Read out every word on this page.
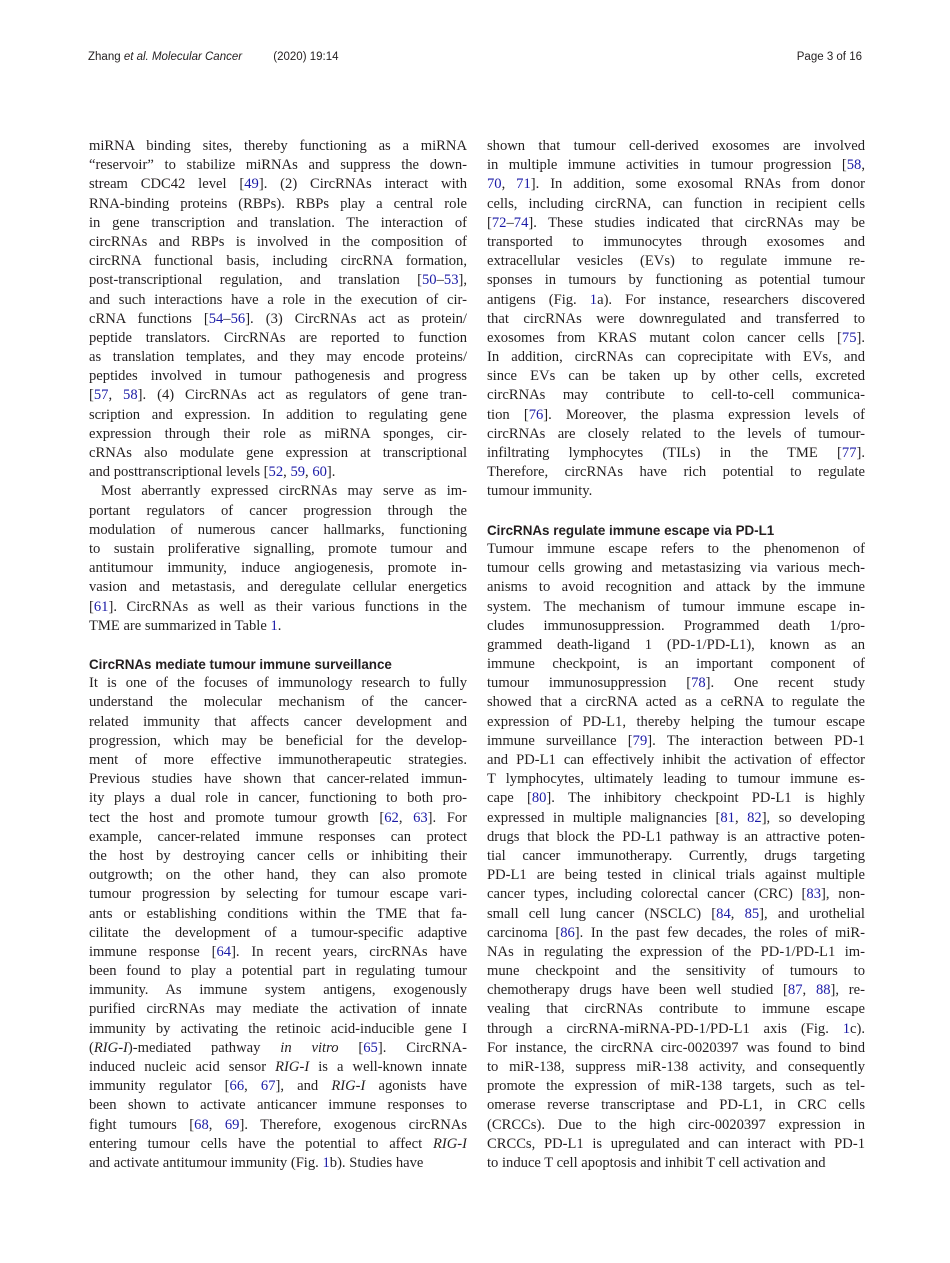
Zhang et al. Molecular Cancer	(2020) 19:14	Page 3 of 16
miRNA binding sites, thereby functioning as a miRNA
“reservoir” to stabilize miRNAs and suppress the down-
stream CDC42 level [49]. (2) CircRNAs interact with
RNA-binding proteins (RBPs). RBPs play a central role
in gene transcription and translation. The interaction of
circRNAs and RBPs is involved in the composition of
circRNA functional basis, including circRNA formation,
post-transcriptional regulation, and translation [50–53],
and such interactions have a role in the execution of cir-
cRNA functions [54–56]. (3) CircRNAs act as protein/
peptide translators. CircRNAs are reported to function
as translation templates, and they may encode proteins/
peptides involved in tumour pathogenesis and progress
[57, 58]. (4) CircRNAs act as regulators of gene tran-
scription and expression. In addition to regulating gene
expression through their role as miRNA sponges, cir-
cRNAs also modulate gene expression at transcriptional
and posttranscriptional levels [52, 59, 60].
Most aberrantly expressed circRNAs may serve as im-
portant regulators of cancer progression through the
modulation of numerous cancer hallmarks, functioning
to sustain proliferative signalling, promote tumour and
antitumour immunity, induce angiogenesis, promote in-
vasion and metastasis, and deregulate cellular energetics
[61]. CircRNAs as well as their various functions in the
TME are summarized in Table 1.
CircRNAs mediate tumour immune surveillance
It is one of the focuses of immunology research to fully
understand the molecular mechanism of the cancer-
related immunity that affects cancer development and
progression, which may be beneficial for the develop-
ment of more effective immunotherapeutic strategies.
Previous studies have shown that cancer-related immun-
ity plays a dual role in cancer, functioning to both pro-
tect the host and promote tumour growth [62, 63]. For
example, cancer-related immune responses can protect
the host by destroying cancer cells or inhibiting their
outgrowth; on the other hand, they can also promote
tumour progression by selecting for tumour escape vari-
ants or establishing conditions within the TME that fa-
cilitate the development of a tumour-specific adaptive
immune response [64]. In recent years, circRNAs have
been found to play a potential part in regulating tumour
immunity. As immune system antigens, exogenously
purified circRNAs may mediate the activation of innate
immunity by activating the retinoic acid-inducible gene I
(RIG-I)-mediated pathway in vitro [65]. CircRNA-
induced nucleic acid sensor RIG-I is a well-known innate
immunity regulator [66, 67], and RIG-I agonists have
been shown to activate anticancer immune responses to
fight tumours [68, 69]. Therefore, exogenous circRNAs
entering tumour cells have the potential to affect RIG-I
and activate antitumour immunity (Fig. 1b). Studies have
shown that tumour cell-derived exosomes are involved
in multiple immune activities in tumour progression [58,
70, 71]. In addition, some exosomal RNAs from donor
cells, including circRNA, can function in recipient cells
[72–74]. These studies indicated that circRNAs may be
transported to immunocytes through exosomes and
extracellular vesicles (EVs) to regulate immune re-
sponses in tumours by functioning as potential tumour
antigens (Fig. 1a). For instance, researchers discovered
that circRNAs were downregulated and transferred to
exosomes from KRAS mutant colon cancer cells [75].
In addition, circRNAs can coprecipitate with EVs, and
since EVs can be taken up by other cells, excreted
circRNAs may contribute to cell-to-cell communica-
tion [76]. Moreover, the plasma expression levels of
circRNAs are closely related to the levels of tumour-
infiltrating lymphocytes (TILs) in the TME [77].
Therefore, circRNAs have rich potential to regulate
tumour immunity.
CircRNAs regulate immune escape via PD-L1
Tumour immune escape refers to the phenomenon of
tumour cells growing and metastasizing via various mech-
anisms to avoid recognition and attack by the immune
system. The mechanism of tumour immune escape in-
cludes immunosuppression. Programmed death 1/pro-
grammed death-ligand 1 (PD-1/PD-L1), known as an
immune checkpoint, is an important component of
tumour immunosuppression [78]. One recent study
showed that a circRNA acted as a ceRNA to regulate the
expression of PD-L1, thereby helping the tumour escape
immune surveillance [79]. The interaction between PD-1
and PD-L1 can effectively inhibit the activation of effector
T lymphocytes, ultimately leading to tumour immune es-
cape [80]. The inhibitory checkpoint PD-L1 is highly
expressed in multiple malignancies [81, 82], so developing
drugs that block the PD-L1 pathway is an attractive poten-
tial cancer immunotherapy. Currently, drugs targeting
PD-L1 are being tested in clinical trials against multiple
cancer types, including colorectal cancer (CRC) [83], non-
small cell lung cancer (NSCLC) [84, 85], and urothelial
carcinoma [86]. In the past few decades, the roles of miR-
NAs in regulating the expression of the PD-1/PD-L1 im-
mune checkpoint and the sensitivity of tumours to
chemotherapy drugs have been well studied [87, 88], re-
vealing that circRNAs contribute to immune escape
through a circRNA-miRNA-PD-1/PD-L1 axis (Fig. 1c).
For instance, the circRNA circ-0020397 was found to bind
to miR-138, suppress miR-138 activity, and consequently
promote the expression of miR-138 targets, such as tel-
omerase reverse transcriptase and PD-L1, in CRC cells
(CRCCs). Due to the high circ-0020397 expression in
CRCCs, PD-L1 is upregulated and can interact with PD-1
to induce T cell apoptosis and inhibit T cell activation and
